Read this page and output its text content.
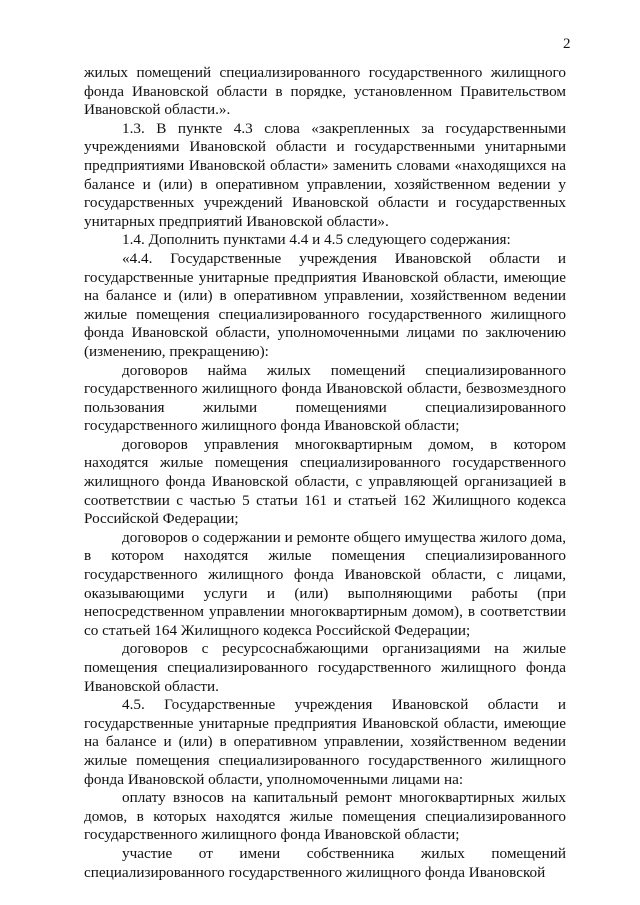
2

жилых помещений специализированного государственного жилищного фонда Ивановской области в порядке, установленном Правительством Ивановской области.».

1.3. В пункте 4.3 слова «закрепленных за государственными учреждениями Ивановской области и государственными унитарными предприятиями Ивановской области» заменить словами «находящихся на балансе и (или) в оперативном управлении, хозяйственном ведении у государственных учреждений Ивановской области и государственных унитарных предприятий Ивановской области».

1.4. Дополнить пунктами 4.4 и 4.5 следующего содержания:

«4.4. Государственные учреждения Ивановской области и государственные унитарные предприятия Ивановской области, имеющие на балансе и (или) в оперативном управлении, хозяйственном ведении жилые помещения специализированного государственного жилищного фонда Ивановской области, уполномоченными лицами по заключению (изменению, прекращению):

договоров найма жилых помещений специализированного государственного жилищного фонда Ивановской области, безвозмездного пользования жилыми помещениями специализированного государственного жилищного фонда Ивановской области;

договоров управления многоквартирным домом, в котором находятся жилые помещения специализированного государственного жилищного фонда Ивановской области, с управляющей организацией в соответствии с частью 5 статьи 161 и статьей 162 Жилищного кодекса Российской Федерации;

договоров о содержании и ремонте общего имущества жилого дома, в котором находятся жилые помещения специализированного государственного жилищного фонда Ивановской области, с лицами, оказывающими услуги и (или) выполняющими работы (при непосредственном управлении многоквартирным домом), в соответствии со статьей 164 Жилищного кодекса Российской Федерации;

договоров с ресурсоснабжающими организациями на жилые помещения специализированного государственного жилищного фонда Ивановской области.

4.5. Государственные учреждения Ивановской области и государственные унитарные предприятия Ивановской области, имеющие на балансе и (или) в оперативном управлении, хозяйственном ведении жилые помещения специализированного государственного жилищного фонда Ивановской области, уполномоченными лицами на:

оплату взносов на капитальный ремонт многоквартирных жилых домов, в которых находятся жилые помещения специализированного государственного жилищного фонда Ивановской области;

участие от имени собственника жилых помещений специализированного государственного жилищного фонда Ивановской
